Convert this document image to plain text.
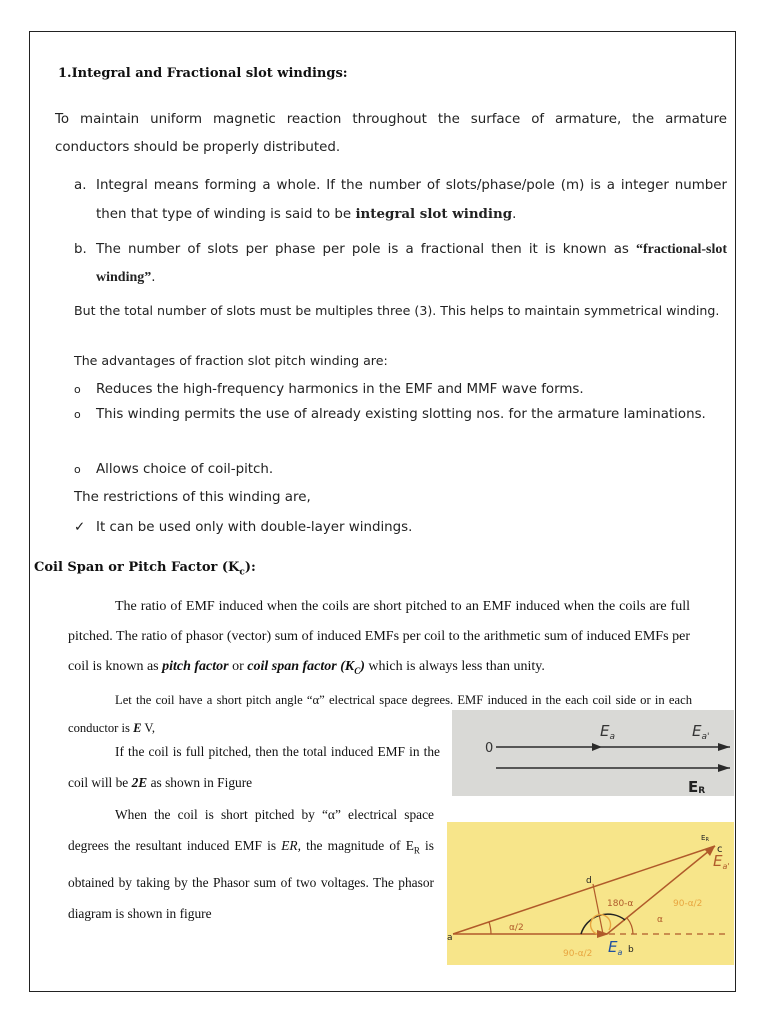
1.Integral and Fractional slot windings:
To maintain uniform magnetic reaction throughout the surface of armature, the armature conductors should be properly distributed.
a. Integral means forming a whole. If the number of slots/phase/pole (m) is a integer number then that type of winding is said to be integral slot winding.
b. The number of slots per phase per pole is a fractional then it is known as “fractional-slot winding”.
But the total number of slots must be multiples three (3). This helps to maintain symmetrical winding.
The advantages of fraction slot pitch winding are:
o Reduces the high-frequency harmonics in the EMF and MMF wave forms.
o This winding permits the use of already existing slotting nos. for the armature laminations.
o Allows choice of coil-pitch.
The restrictions of this winding are,
✓ It can be used only with double-layer windings.
Coil Span or Pitch Factor $(K_c)$:
The ratio of EMF induced when the coils are short pitched to an EMF induced when the coils are full pitched. The ratio of phasor (vector) sum of induced EMFs per coil to the arithmetic sum of induced EMFs per coil is known as pitch factor or coil span factor $(K_C)$ which is always less than unity.
Let the coil have a short pitch angle “α” electrical space degrees. EMF induced in the each coil side or in each conductor is E V,
If the coil is full pitched, then the total induced EMF in the coil will be 2E as shown in Figure
When the coil is short pitched by “α” electrical space degrees the resultant induced EMF is ER, the magnitude of $E_R$ is obtained by taking by the Phasor sum of two voltages. The phasor diagram is shown in figure
0
$E_a$	$E_{a'}$
ER
a
b
c
d
ER
$E_{a'}$
$E_a$
α/2
180-α
α
90-α/2
90-α/2
